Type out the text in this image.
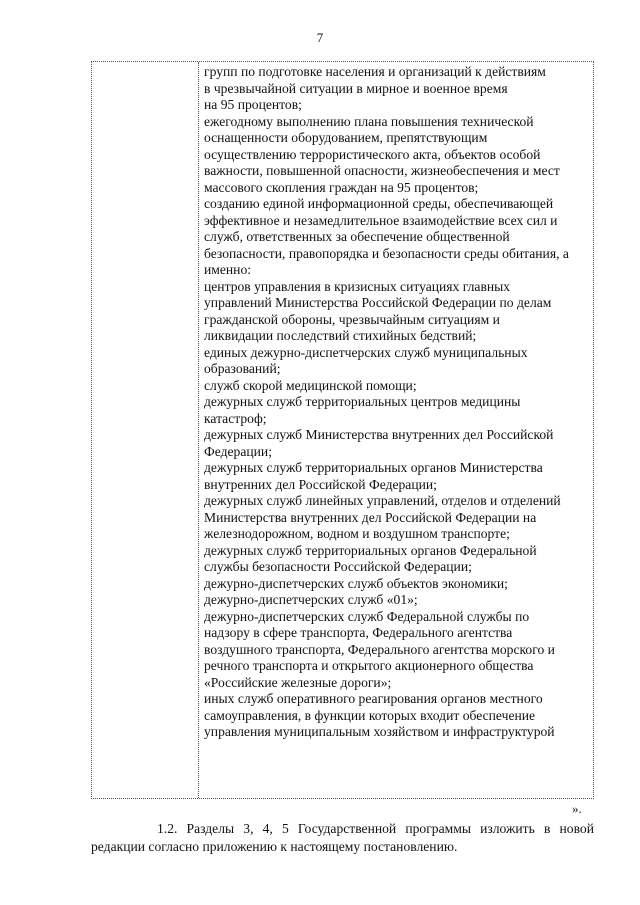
7
групп по подготовке населения и организаций к действиям
в чрезвычайной ситуации в мирное и военное время
на 95 процентов;
ежегодному выполнению плана повышения технической
оснащенности оборудованием, препятствующим
осуществлению террористического акта, объектов особой
важности, повышенной опасности, жизнеобеспечения и мест
массового скопления граждан на 95 процентов;
созданию единой информационной среды, обеспечивающей
эффективное и незамедлительное взаимодействие всех сил и
служб, ответственных за обеспечение общественной
безопасности, правопорядка и безопасности среды обитания, а
именно:
центров управления в кризисных ситуациях главных
управлений Министерства Российской Федерации по делам
гражданской обороны, чрезвычайным ситуациям и
ликвидации последствий стихийных бедствий;
единых дежурно-диспетчерских служб муниципальных
образований;
служб скорой медицинской помощи;
дежурных служб территориальных центров медицины
катастроф;
дежурных служб Министерства внутренних дел Российской
Федерации;
дежурных служб территориальных органов Министерства
внутренних дел Российской Федерации;
дежурных служб линейных управлений, отделов и отделений
Министерства внутренних дел Российской Федерации на
железнодорожном, водном и воздушном транспорте;
дежурных служб территориальных органов Федеральной
службы безопасности Российской Федерации;
дежурно-диспетчерских служб объектов экономики;
дежурно-диспетчерских служб «01»;
дежурно-диспетчерских служб Федеральной службы по
надзору в сфере транспорта, Федерального агентства
воздушного транспорта, Федерального агентства морского и
речного транспорта и открытого акционерного общества
«Российские железные дороги»;
иных служб оперативного реагирования органов местного
самоуправления, в функции которых входит обеспечение
управления муниципальным хозяйством и инфраструктурой
».
1.2. Разделы 3, 4, 5 Государственной программы изложить в новой
редакции согласно приложению к настоящему постановлению.
